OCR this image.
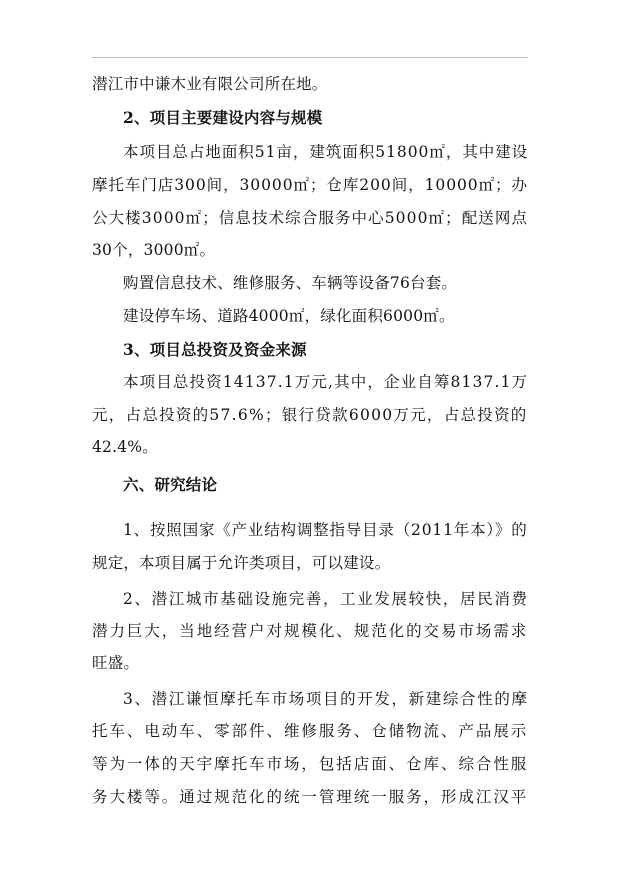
潜江市中谦木业有限公司所在地。
2、项目主要建设内容与规模
本项目总占地面积51亩，建筑面积51800㎡，其中建设
摩托车门店300间，30000㎡；仓库200间，10000㎡；办
公大楼3000㎡；信息技术综合服务中心5000㎡；配送网点
30个，3000㎡。
购置信息技术、维修服务、车辆等设备76台套。
建设停车场、道路4000㎡，绿化面积6000㎡。
3、项目总投资及资金来源
本项目总投资14137.1万元,其中，企业自筹8137.1万
元，占总投资的57.6%；银行贷款6000万元，占总投资的
42.4%。
六、研究结论
1、按照国家《产业结构调整指导目录（2011年本）》的
规定，本项目属于允许类项目，可以建设。
2、潜江城市基础设施完善，工业发展较快，居民消费
潜力巨大，当地经营户对规模化、规范化的交易市场需求
旺盛。
3、潜江谦恒摩托车市场项目的开发，新建综合性的摩
托车、电动车、零部件、维修服务、仓储物流、产品展示
等为一体的天宇摩托车市场，包括店面、仓库、综合性服
务大楼等。通过规范化的统一管理统一服务，形成江汉平
